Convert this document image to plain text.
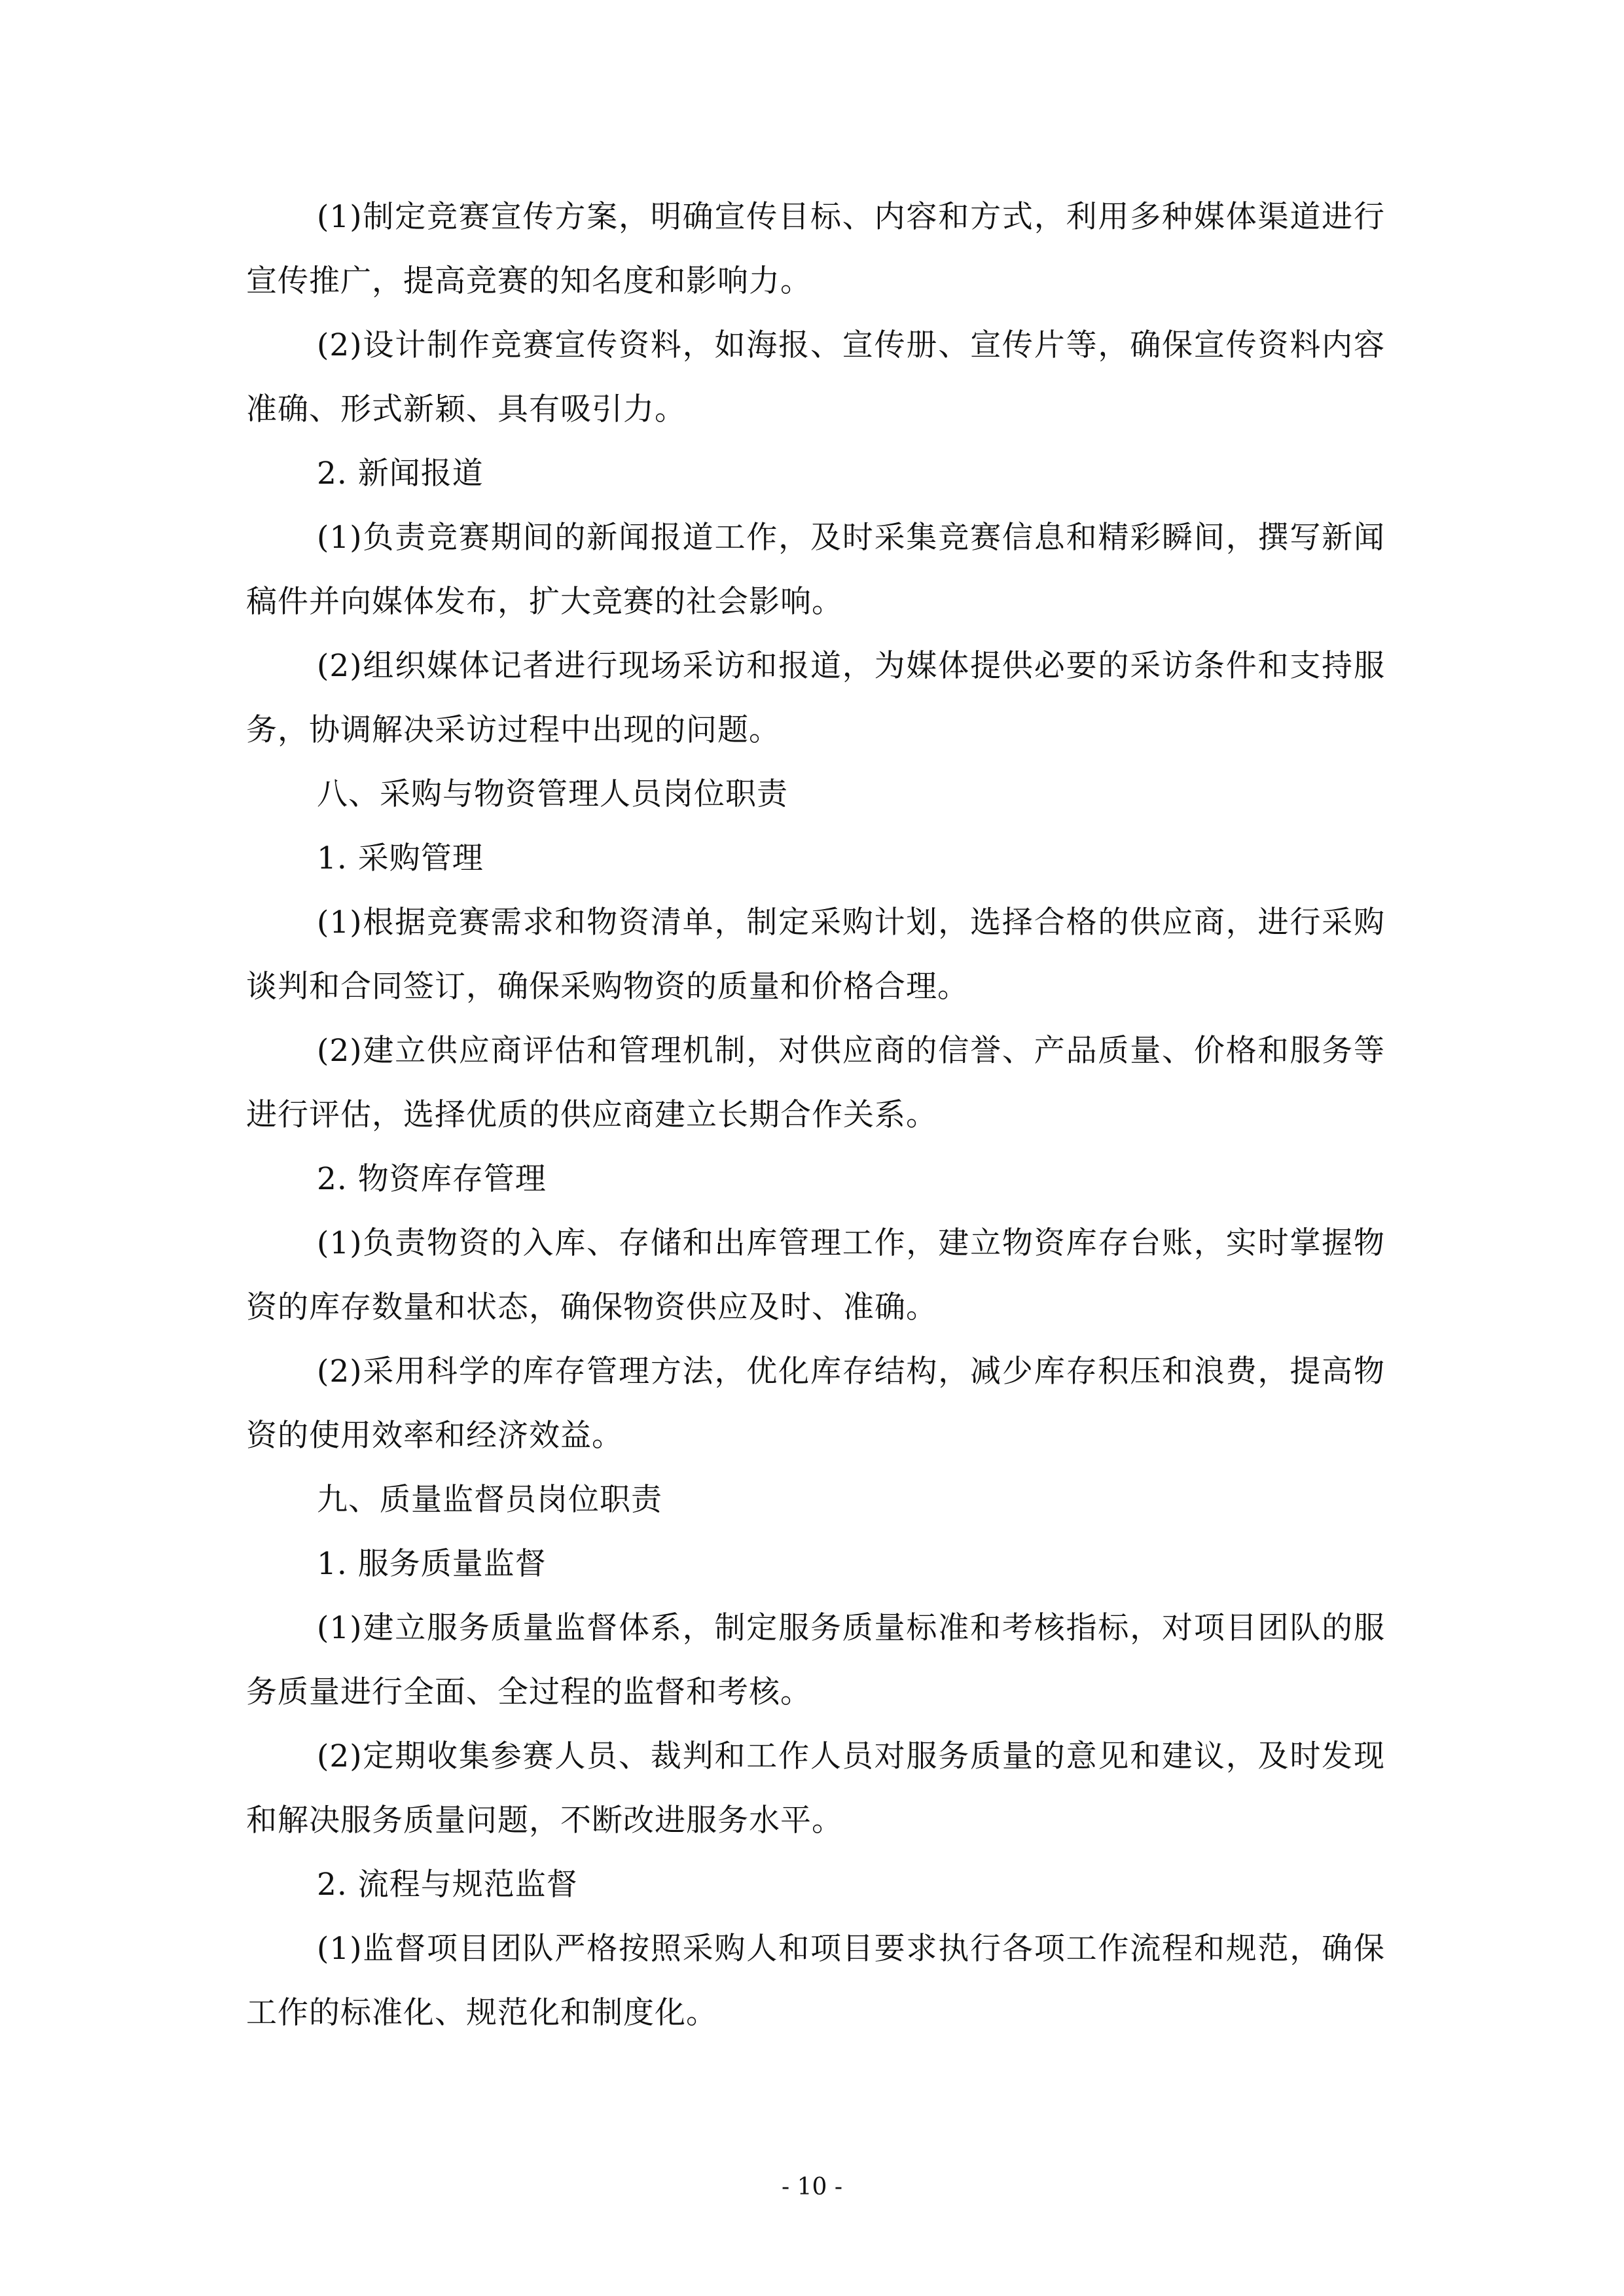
(1)制定竞赛宣传方案，明确宣传目标、内容和方式，利用多种媒体渠道进行宣传推广，提高竞赛的知名度和影响力。

(2)设计制作竞赛宣传资料，如海报、宣传册、宣传片等，确保宣传资料内容准确、形式新颖、具有吸引力。

2. 新闻报道

(1)负责竞赛期间的新闻报道工作，及时采集竞赛信息和精彩瞬间，撰写新闻稿件并向媒体发布，扩大竞赛的社会影响。

(2)组织媒体记者进行现场采访和报道，为媒体提供必要的采访条件和支持服务，协调解决采访过程中出现的问题。

八、采购与物资管理人员岗位职责

1. 采购管理

(1)根据竞赛需求和物资清单，制定采购计划，选择合格的供应商，进行采购谈判和合同签订，确保采购物资的质量和价格合理。

(2)建立供应商评估和管理机制，对供应商的信誉、产品质量、价格和服务等进行评估，选择优质的供应商建立长期合作关系。

2. 物资库存管理

(1)负责物资的入库、存储和出库管理工作，建立物资库存台账，实时掌握物资的库存数量和状态，确保物资供应及时、准确。

(2)采用科学的库存管理方法，优化库存结构，减少库存积压和浪费，提高物资的使用效率和经济效益。

九、质量监督员岗位职责

1. 服务质量监督

(1)建立服务质量监督体系，制定服务质量标准和考核指标，对项目团队的服务质量进行全面、全过程的监督和考核。

(2)定期收集参赛人员、裁判和工作人员对服务质量的意见和建议，及时发现和解决服务质量问题，不断改进服务水平。

2. 流程与规范监督

(1)监督项目团队严格按照采购人和项目要求执行各项工作流程和规范，确保工作的标准化、规范化和制度化。

- 10 -
